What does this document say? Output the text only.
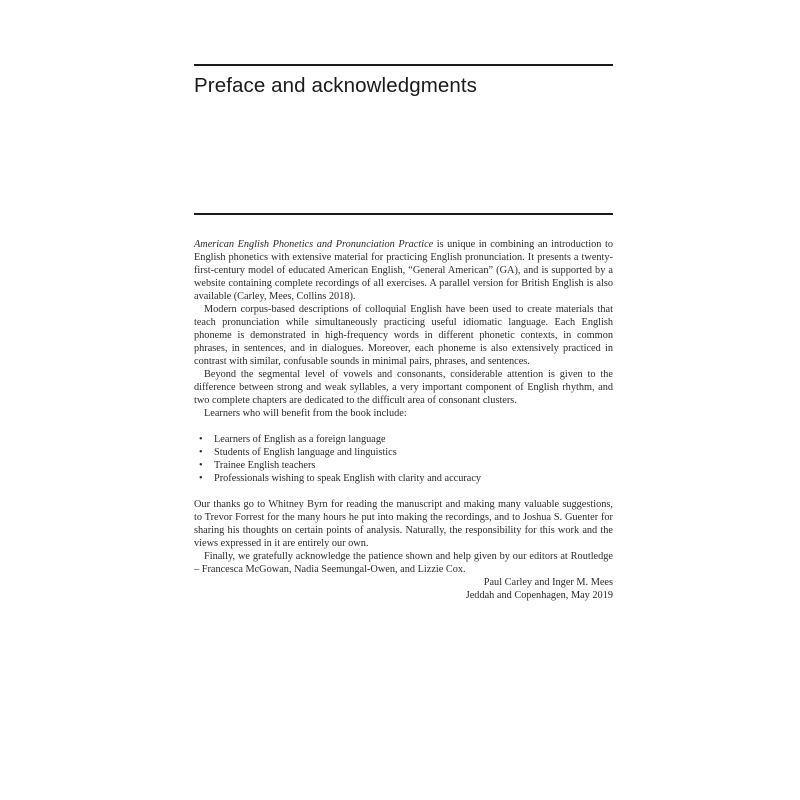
Preface and acknowledgments

American English Phonetics and Pronunciation Practice is unique in combining an introduction to English phonetics with extensive material for practicing English pronunciation. It presents a twenty-first-century model of educated American English, “General American” (GA), and is supported by a website containing complete recordings of all exercises. A parallel version for British English is also available (Carley, Mees, Collins 2018).

Modern corpus-based descriptions of colloquial English have been used to create materials that teach pronunciation while simultaneously practicing useful idiomatic language. Each English phoneme is demonstrated in high-frequency words in different phonetic contexts, in common phrases, in sentences, and in dialogues. Moreover, each phoneme is also extensively practiced in contrast with similar, confusable sounds in minimal pairs, phrases, and sentences.

Beyond the segmental level of vowels and consonants, considerable attention is given to the difference between strong and weak syllables, a very important component of English rhythm, and two complete chapters are dedicated to the difficult area of consonant clusters.

Learners who will benefit from the book include:

• Learners of English as a foreign language
• Students of English language and linguistics
• Trainee English teachers
• Professionals wishing to speak English with clarity and accuracy

Our thanks go to Whitney Byrn for reading the manuscript and making many valuable suggestions, to Trevor Forrest for the many hours he put into making the recordings, and to Joshua S. Guenter for sharing his thoughts on certain points of analysis. Naturally, the responsibility for this work and the views expressed in it are entirely our own.

Finally, we gratefully acknowledge the patience shown and help given by our editors at Routledge – Francesca McGowan, Nadia Seemungal-Owen, and Lizzie Cox.

Paul Carley and Inger M. Mees

Jeddah and Copenhagen, May 2019
